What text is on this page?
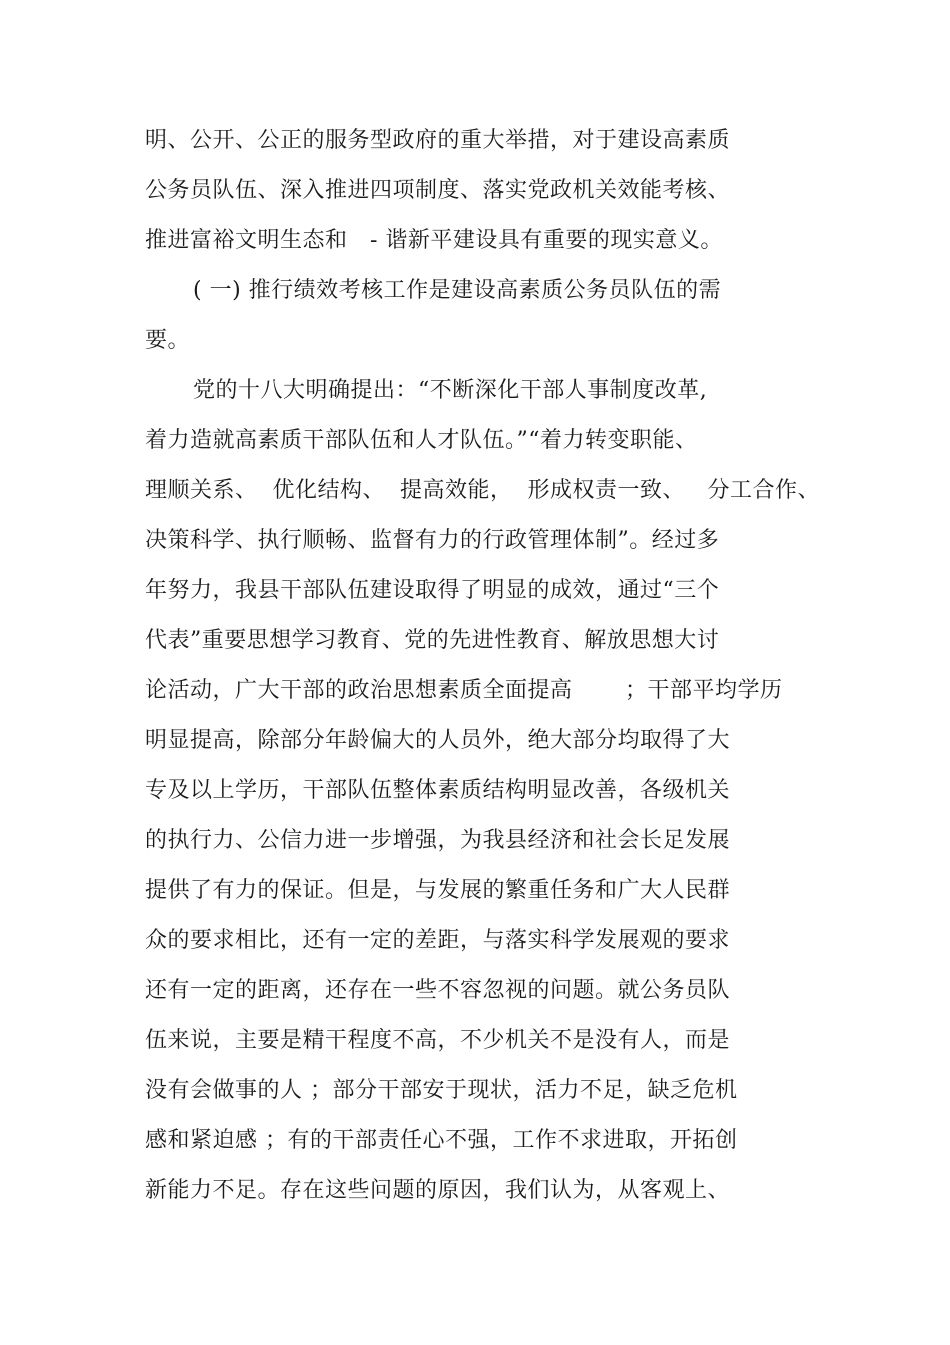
明、公开、公正的服务型政府的重大举措，对于建设高素质
公务员队伍、深入推进四项制度、落实党政机关效能考核、
推进富裕文明生态和　- 谐新平建设具有重要的现实意义。
( 一) 推行绩效考核工作是建设高素质公务员队伍的需
要。
党的十八大明确提出：“不断深化干部人事制度改革,
着力造就高素质干部队伍和人才队伍。”“着力转变职能、
理顺关系、  优化结构、  提高效能，  形成权责一致、   分工合作、
决策科学、执行顺畅、监督有力的行政管理体制”。经过多
年努力，我县干部队伍建设取得了明显的成效，通过“三个
代表”重要思想学习教育、党的先进性教育、解放思想大讨
论活动，广大干部的政治思想素质全面提高　　 ；干部平均学历
明显提高，除部分年龄偏大的人员外，绝大部分均取得了大
专及以上学历，干部队伍整体素质结构明显改善，各级机关
的执行力、公信力进一步增强，为我县经济和社会长足发展
提供了有力的保证。但是，与发展的繁重任务和广大人民群
众的要求相比，还有一定的差距，与落实科学发展观的要求
还有一定的距离，还存在一些不容忽视的问题。就公务员队
伍来说，主要是精干程度不高，不少机关不是没有人，而是
没有会做事的人 ；部分干部安于现状，活力不足，缺乏危机
感和紧迫感 ；有的干部责任心不强，工作不求进取，开拓创
新能力不足。存在这些问题的原因，我们认为，从客观上、
